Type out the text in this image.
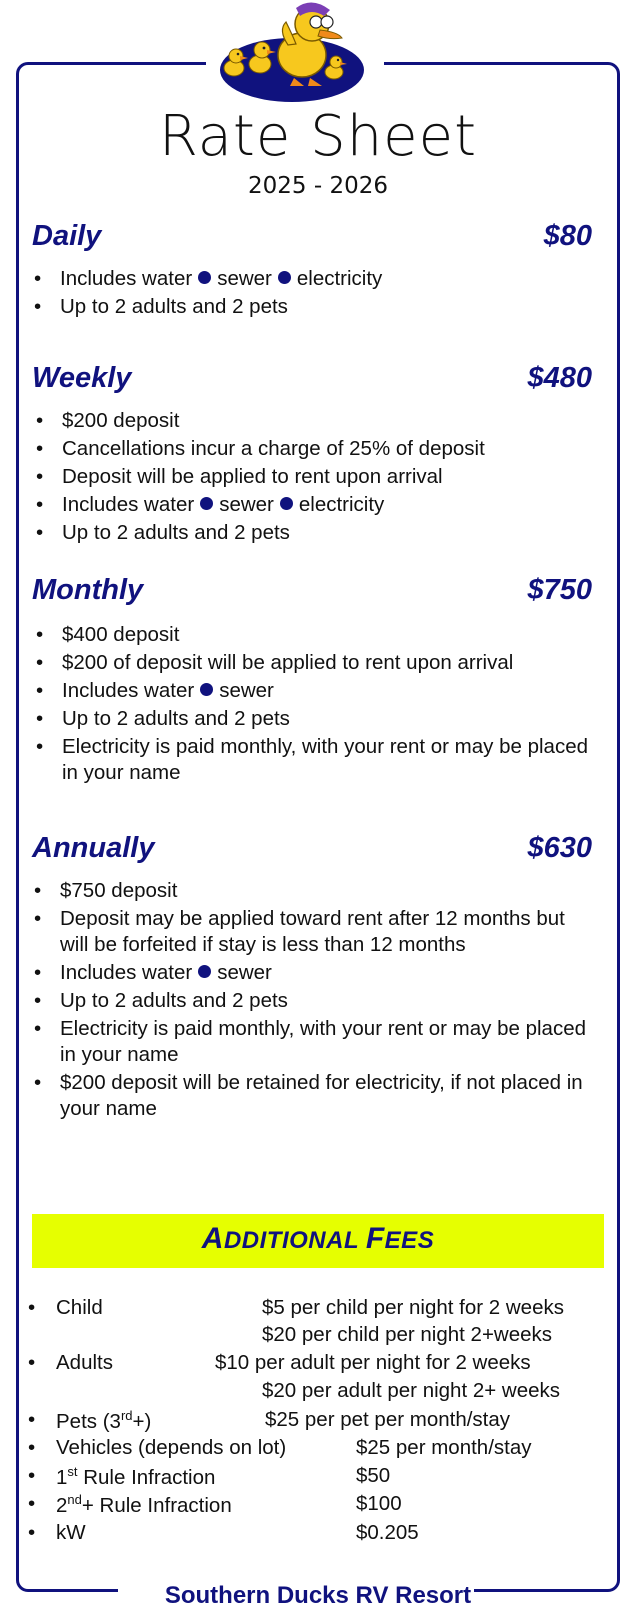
Rate Sheet
2025 - 2026
Daily	$80
• Includes water sewer electricity
• Up to 2 adults and 2 pets
Weekly	$480
• $200 deposit
• Cancellations incur a charge of 25% of deposit
• Deposit will be applied to rent upon arrival
• Includes water sewer electricity
• Up to 2 adults and 2 pets
Monthly	$750
• $400 deposit
• $200 of deposit will be applied to rent upon arrival
• Includes water sewer
• Up to 2 adults and 2 pets
• Electricity is paid monthly, with your rent or may be placed in your name
Annually	$630
• $750 deposit
• Deposit may be applied toward rent after 12 months but will be forfeited if stay is less than 12 months
• Includes water sewer
• Up to 2 adults and 2 pets
• Electricity is paid monthly, with your rent or may be placed in your name
• $200 deposit will be retained for electricity, if not placed in your name
ADDITIONAL FEES
• Child	$5 per child per night for 2 weeks
$20 per child per night 2+weeks
• Adults	$10 per adult per night for 2 weeks
$20 per adult per night 2+ weeks
• Pets (3rd+)	$25 per pet per month/stay
• Vehicles (depends on lot)	$25 per month/stay
• 1st Rule Infraction	$50
• 2nd+ Rule Infraction	$100
• kW	$0.205
Southern Ducks RV Resort
